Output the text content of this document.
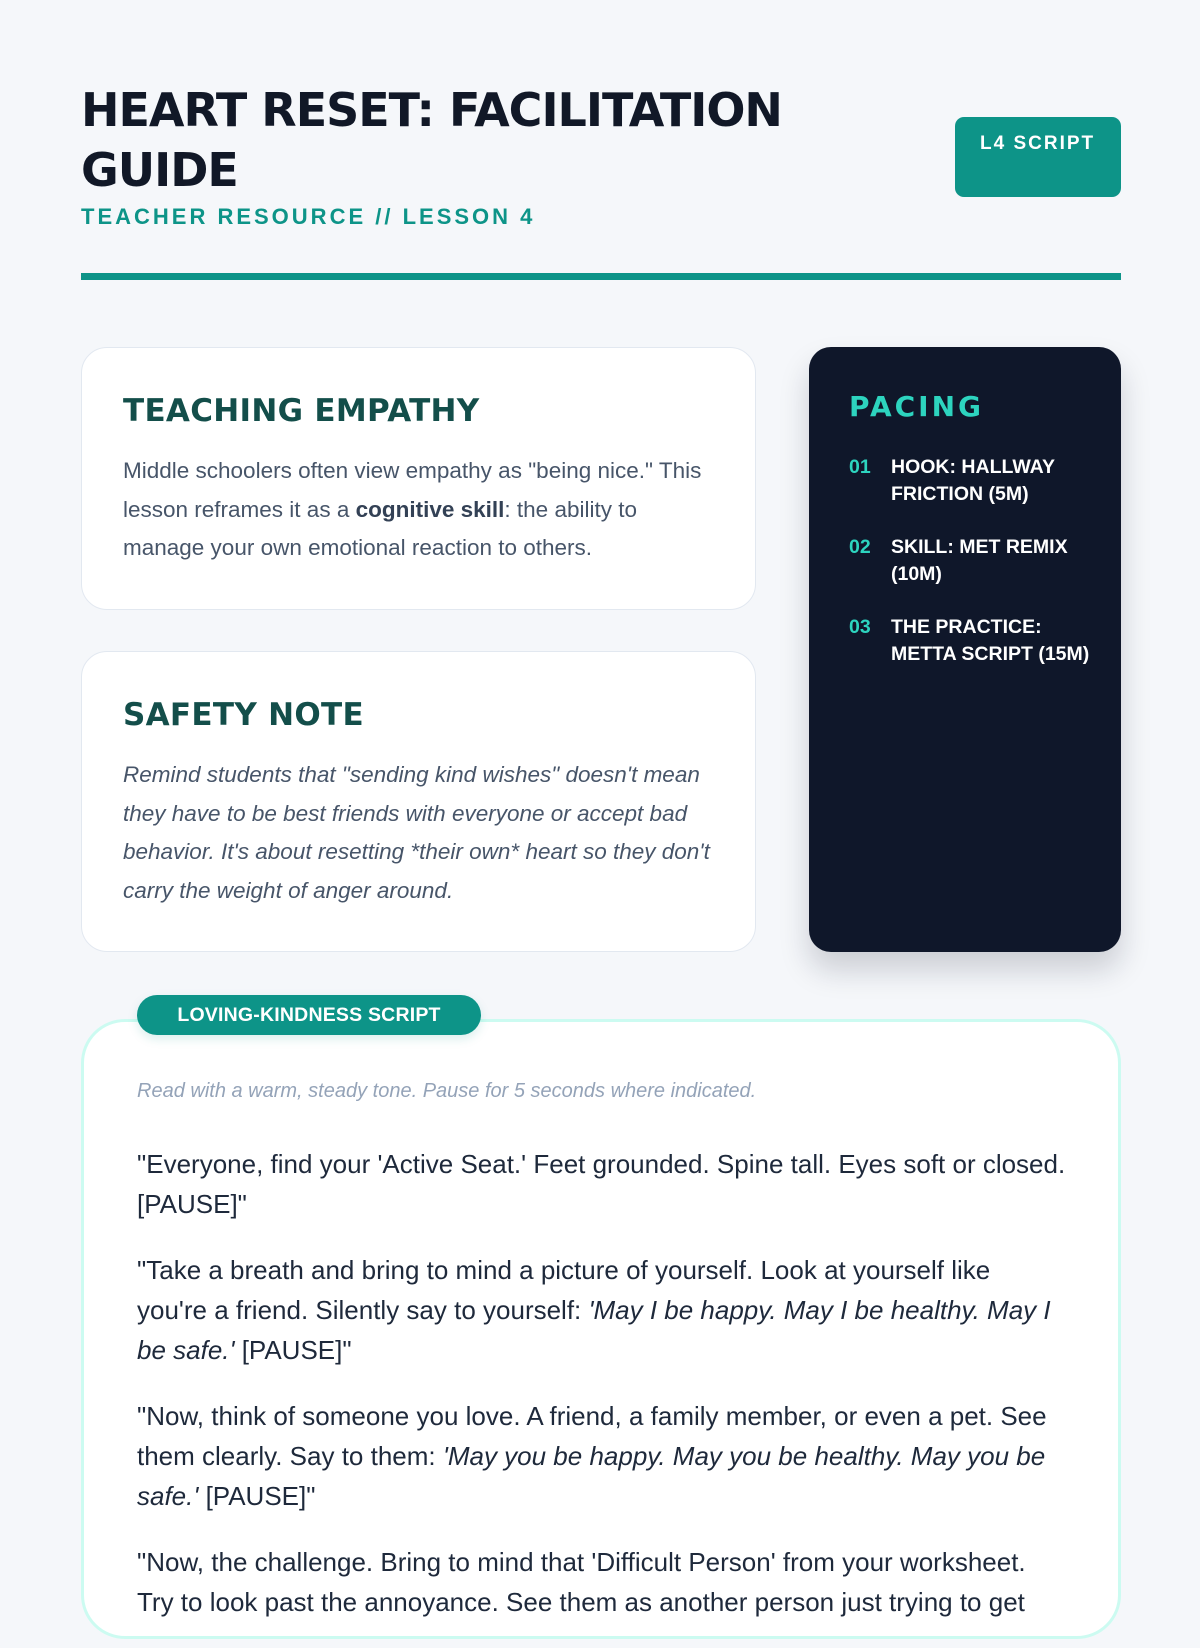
HEART RESET: FACILITATION GUIDE
TEACHER RESOURCE // LESSON 4
L4 SCRIPT
TEACHING EMPATHY

Middle schoolers often view empathy as "being nice." This lesson reframes it as a cognitive skill: the ability to manage your own emotional reaction to others.

SAFETY NOTE

Remind students that "sending kind wishes" doesn't mean they have to be best friends with everyone or accept bad behavior. It's about resetting *their own* heart so they don't carry the weight of anger around.

PACING
01	HOOK: HALLWAY FRICTION (5M)
02	SKILL: MET REMIX (10M)
03	THE PRACTICE: METTA SCRIPT (15M)

Read with a warm, steady tone. Pause for 5 seconds where indicated.

"Everyone, find your 'Active Seat.' Feet grounded. Spine tall. Eyes soft or closed. [PAUSE]"

"Take a breath and bring to mind a picture of yourself. Look at yourself like you're a friend. Silently say to yourself: 'May I be happy. May I be healthy. May I be safe.' [PAUSE]"

"Now, think of someone you love. A friend, a family member, or even a pet. See them clearly. Say to them: 'May you be happy. May you be healthy. May you be safe.' [PAUSE]"

"Now, the challenge. Bring to mind that 'Difficult Person' from your worksheet. Try to look past the annoyance. See them as another person just trying to get

LOVING-KINDNESS SCRIPT
